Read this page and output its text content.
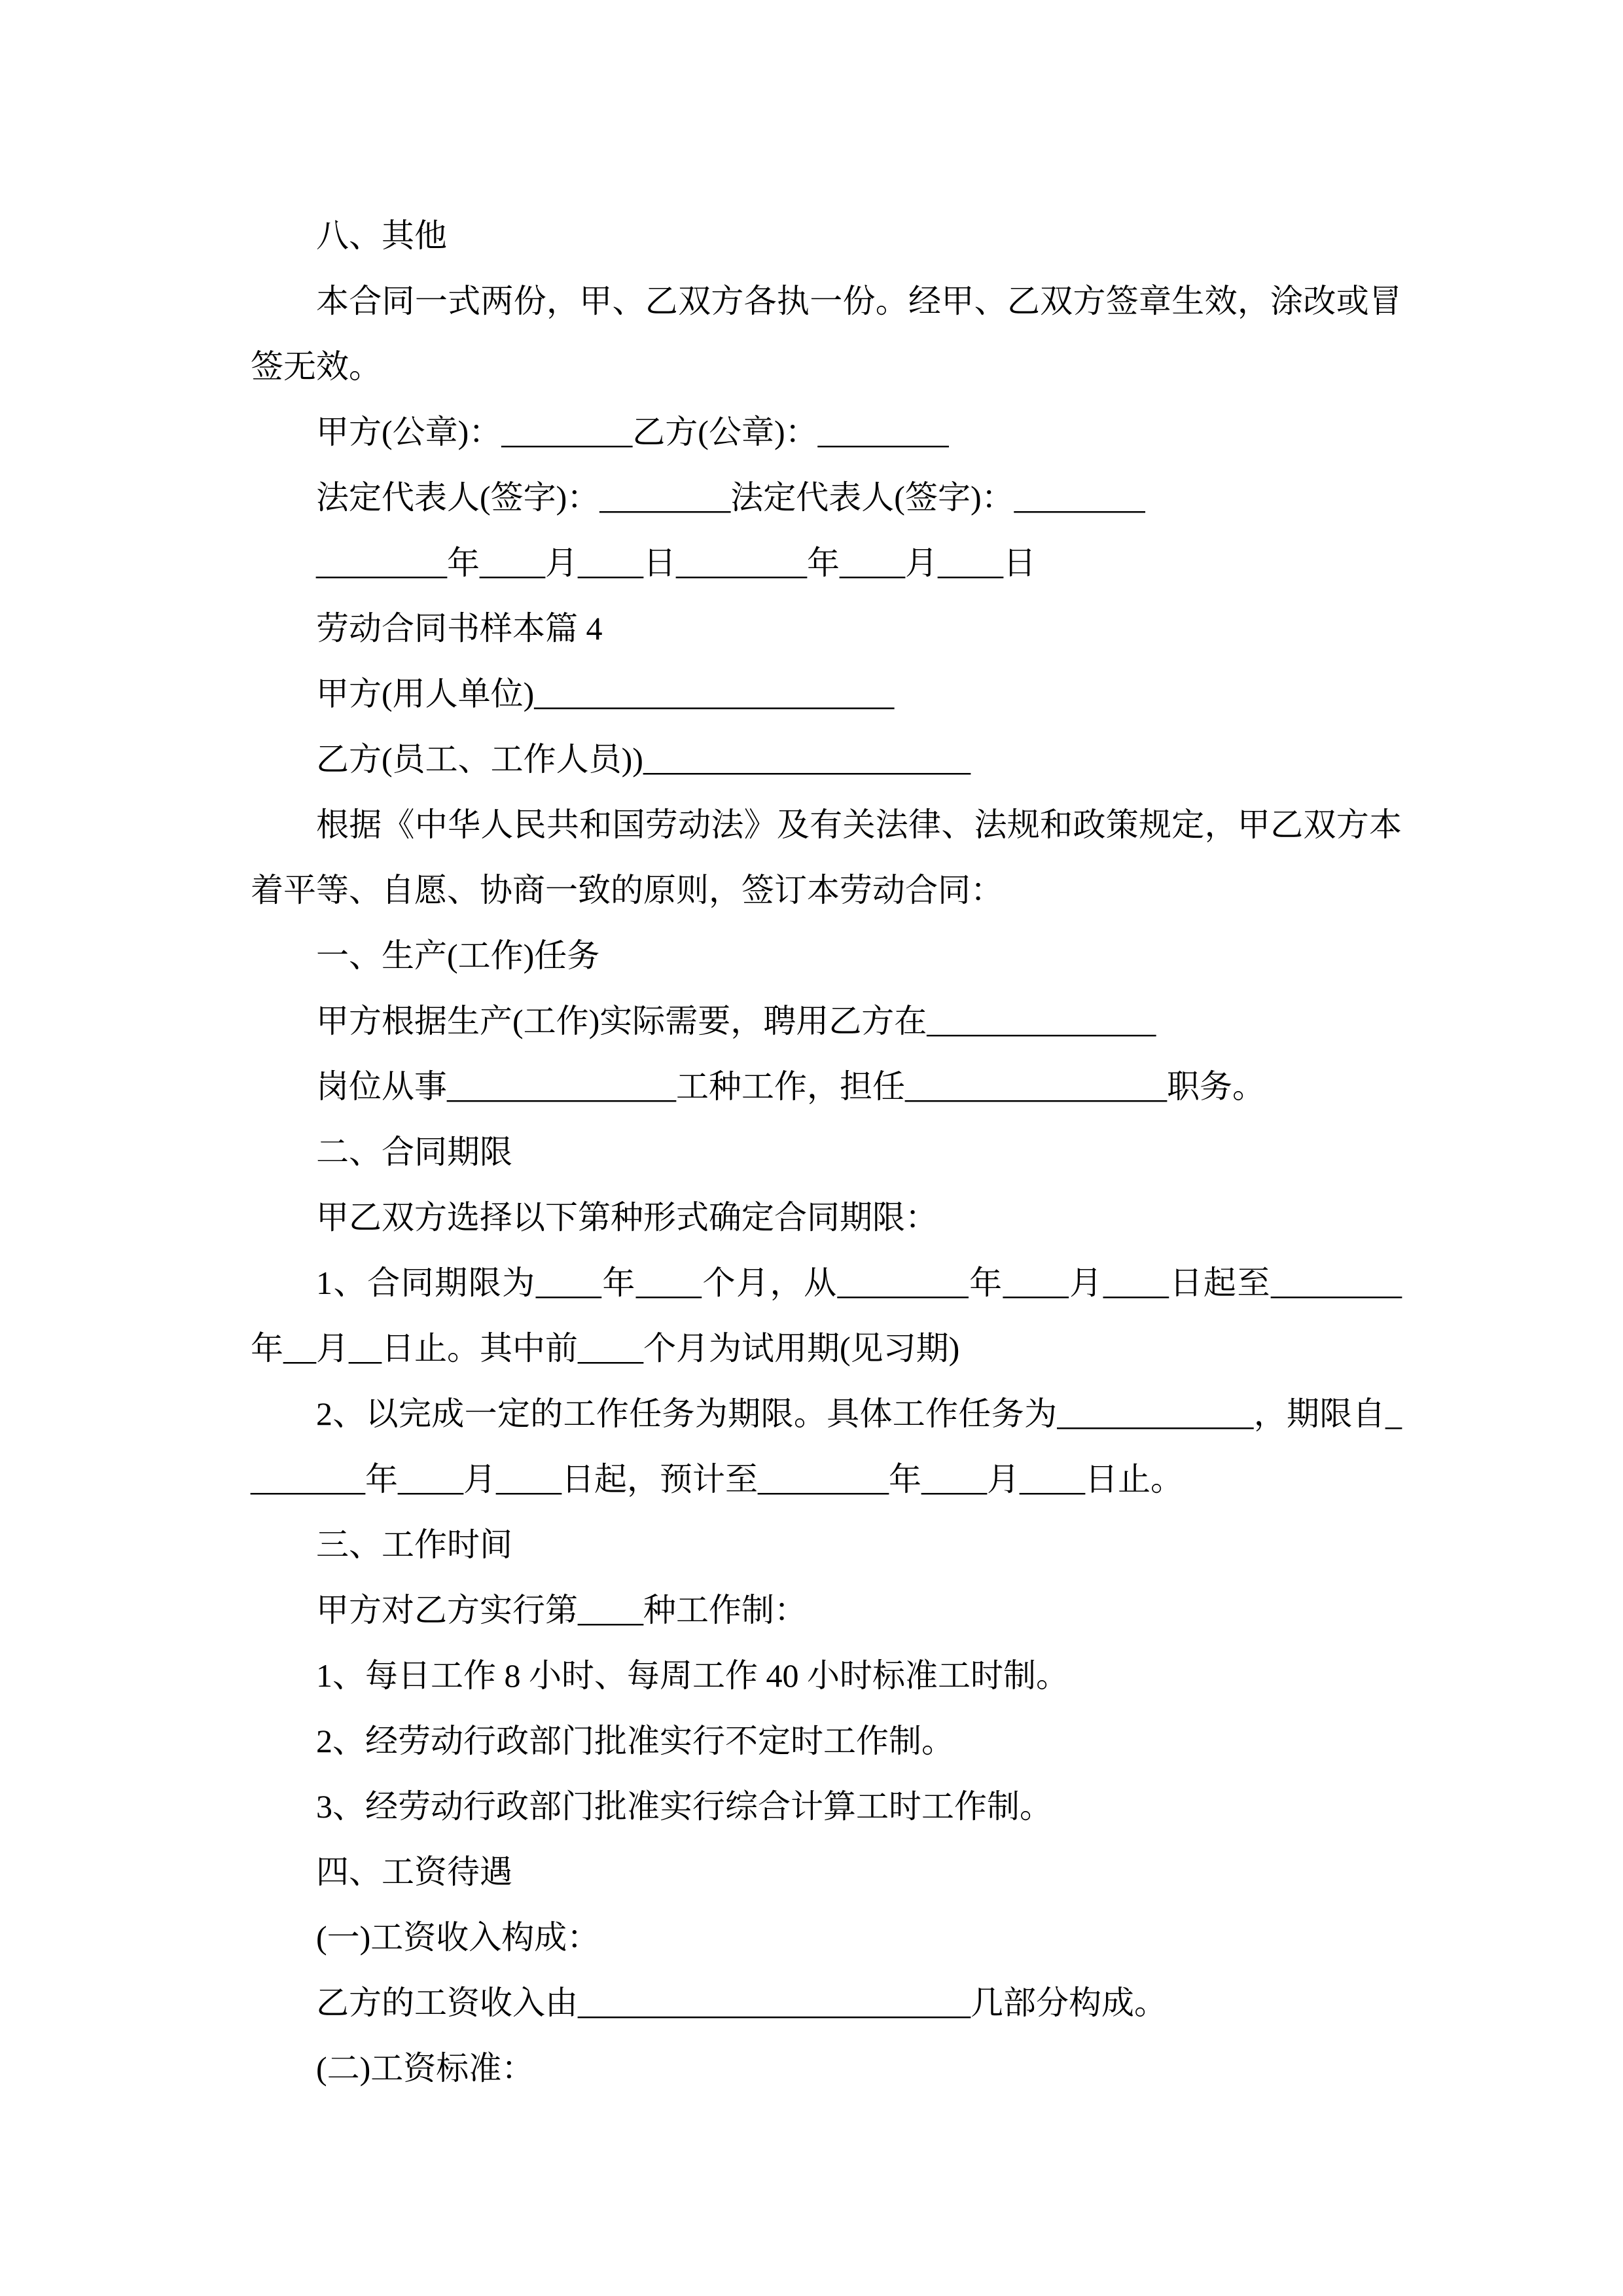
八、其他

本合同一式两份，甲、乙双方各执一份。经甲、乙双方签章生效，涂改或冒签无效。

甲方(公章)：________乙方(公章)：________

法定代表人(签字)：________法定代表人(签字)：________

________年____月____日________年____月____日

劳动合同书样本篇 4

甲方(用人单位)______________________

乙方(员工、工作人员))____________________

根据《中华人民共和国劳动法》及有关法律、法规和政策规定，甲乙双方本着平等、自愿、协商一致的原则，签订本劳动合同：

一、生产(工作)任务

甲方根据生产(工作)实际需要，聘用乙方在______________

岗位从事______________工种工作，担任________________职务。

二、合同期限

甲乙双方选择以下第种形式确定合同期限：

1、合同期限为____年____个月，从________年____月____日起至________年__月__日止。其中前____个月为试用期(见习期)

2、以完成一定的工作任务为期限。具体工作任务为____________，期限自________年____月____日起，预计至________年____月____日止。

三、工作时间

甲方对乙方实行第____种工作制：

1、每日工作 8 小时、每周工作 40 小时标准工时制。

2、经劳动行政部门批准实行不定时工作制。

3、经劳动行政部门批准实行综合计算工时工作制。

四、工资待遇

(一)工资收入构成：

乙方的工资收入由________________________几部分构成。

(二)工资标准：
